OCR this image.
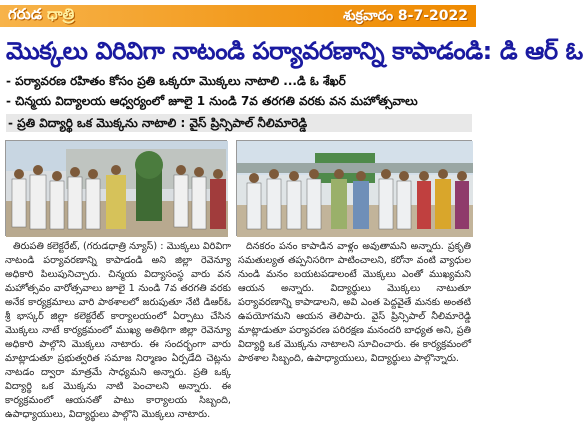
గరుడ ధాత్రి	శుక్రవారం 8-7-2022
మొక్కలు విరివిగా నాటండి పర్యావరణాన్ని కాపాడండి: డి ఆర్ ఓ
- పర్యావరణ రహితం కోసం ప్రతి ఒక్కరూ మొక్కలు నాటాలి ...డి ఓ శేఖర్
- చిన్మయ విద్యాలయ ఆధ్వర్యంలో జూలై 1 నుండి 7వ తరగతి వరకు వన మహోత్సవాలు
- ప్రతి విద్యార్థి ఒక మొక్కను నాటాలి : వైస్ ప్రిన్సిపాల్ నీలిమారెడ్డి

తిరుపతి కలెక్టరేట్, (గరుడధాత్రి న్యూస్) : మొక్కలు విరివిగా నాటండి పర్యావరణాన్ని కాపాడండి అని జిల్లా రెవెన్యూ అధికారి పిలుపునిచ్చారు. చిన్మయ విద్యాసంస్థ వారు వన మహోత్సవం వారోత్సవాలు జూలై 1 నుండి 7వ తరగతి వరకు అనేక కార్యక్రమాలు వారి పాఠశాలలో జరుపుతూ నేటి డిఆర్ఓ శ్రీ భాస్కర్ జిల్లా కలెక్టరేట్ కార్యాలయంలో ఏర్పాటు చేసిన మొక్కలు నాటే కార్యక్రమంలో ముఖ్య అతిథిగా జిల్లా రెవెన్యూ అధికారి పాల్గొని మొక్కలు నాటారు. ఈ సందర్భంగా వారు మాట్లాడుతూ ప్రభుత్వరిత సమాజ నిర్మాణం ఏర్పడేది చెట్లను నాటడం ద్వారా మాత్రమే సాధ్యమని అన్నారు. ప్రతి ఒక్క విద్యార్థి ఒక మొక్కను నాటి పెంచాలని అన్నారు. ఈ కార్యక్రమంలో ఆయనతో పాటు కార్యాలయ సిబ్బంది, ఉపాధ్యాయులు, విద్యార్థులు పాల్గొని మొక్కలు నాటారు.

దినకరం పనం కాపాడిన వాళ్లం అవుతామని అన్నారు. ప్రకృతి సమతుల్యత తప్పనిసరిగా పాటించాలని, కరోనా వంటి వ్యాధుల నుండి మనం బయటపడాలంటే మొక్కలు ఎంతో ముఖ్యమని ఆయన అన్నారు. విద్యార్థులు మొక్కలు నాటుతూ పర్యావరణాన్ని కాపాడాలని, అవి ఎంత పెద్దవైతే మనకు అంతటి ఉపయోగమని ఆయన తెలిపారు. వైస్ ప్రిన్సిపాల్ నీలిమారెడ్డి మాట్లాడుతూ పర్యావరణ పరిరక్షణ మనందరి బాధ్యత అని, ప్రతి విద్యార్థి ఒక మొక్కను నాటాలని సూచించారు. ఈ కార్యక్రమంలో పాఠశాల సిబ్బంది, ఉపాధ్యాయులు, విద్యార్థులు పాల్గొన్నారు.
